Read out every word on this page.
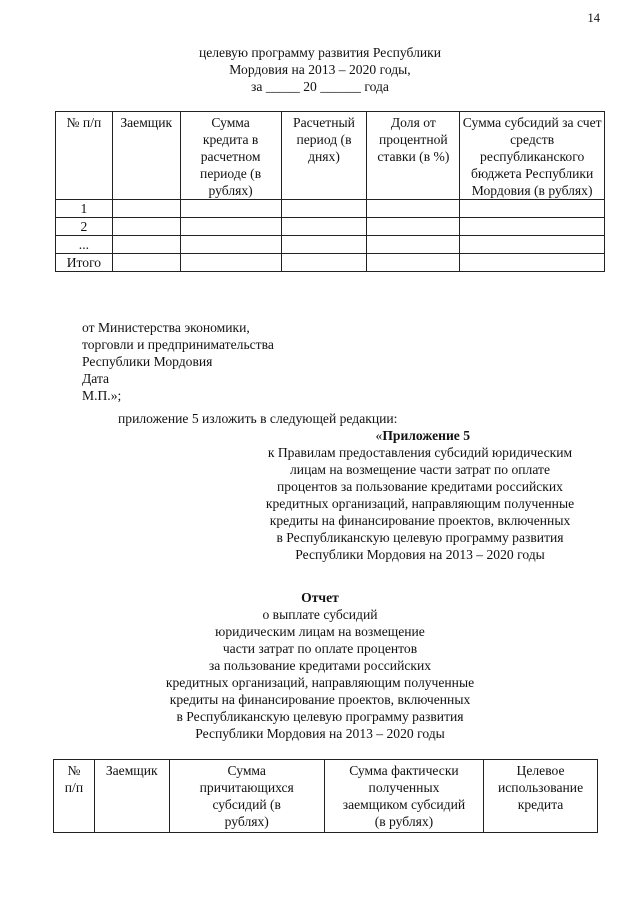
14
целевую программу развития Республики
Мордовия на 2013 – 2020 годы,
за _____ 20 ______ года
№ п/п	Заемщик	Сумма кредита в расчетном периоде (в рублях)	Расчетный период (в днях)	Доля от процентной ставки (в %)	Сумма субсидий за счет средств республиканского бюджета Республики Мордовия (в рублях)
1					
2					
...					
Итого					
от Министерства экономики,
торговли и предпринимательства
Республики Мордовия
Дата
М.П.»;
приложение 5 изложить в следующей редакции:
«Приложение 5
к Правилам предоставления субсидий юридическим
лицам на возмещение части затрат по оплате
процентов за пользование кредитами российских
кредитных организаций, направляющим полученные
кредиты на финансирование проектов, включенных
в Республиканскую целевую программу развития
Республики Мордовия на 2013 – 2020 годы
Отчет
о выплате субсидий
юридическим лицам на возмещение
части затрат по оплате процентов
за пользование кредитами российских
кредитных организаций, направляющим полученные
кредиты на финансирование проектов, включенных
в Республиканскую целевую программу развития
Республики Мордовия на 2013 – 2020 годы
№ п/п	Заемщик	Сумма причитающихся субсидий (в рублях)	Сумма фактически полученных заемщиком субсидий (в рублях)	Целевое использование кредита
